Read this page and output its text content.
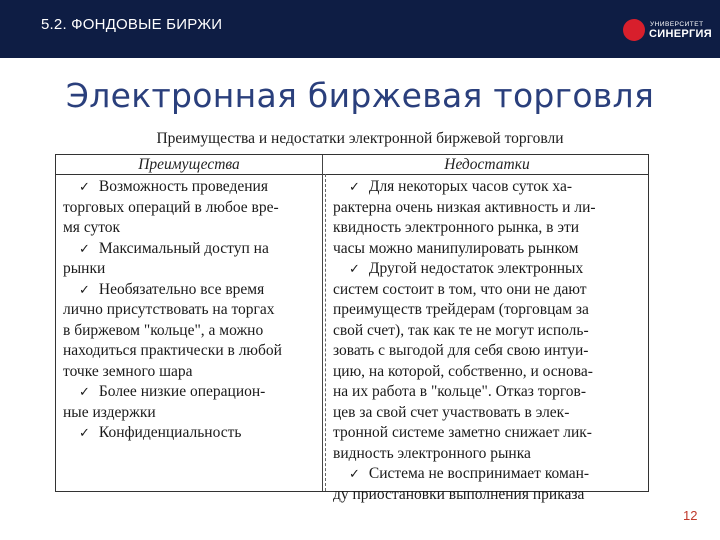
5.2. ФОНДОВЫЕ БИРЖИ	УНИВЕРСИТЕТ
СИНЕРГИЯ
Электронная биржевая торговля
Преимущества и недостатки электронной биржевой торговли
Преимущества	Недостатки
✓ Возможность проведения
торговых операций в любое вре-
мя суток
✓ Максимальный доступ на
рынки
✓ Необязательно все время
лично присутствовать на торгах
в биржевом "кольце", а можно
находиться практически в любой
точке земного шара
✓ Более низкие операцион-
ные издержки
✓ Конфиденциальность
✓ Для некоторых часов суток ха-
рактерна очень низкая активность и ли-
квидность электронного рынка, в эти
часы можно манипулировать рынком
✓ Другой недостаток электронных
систем состоит в том, что они не дают
преимуществ трейдерам (торговцам за
свой счет), так как те не могут исполь-
зовать с выгодой для себя свою интуи-
цию, на которой, собственно, и основа-
на их работа в "кольце". Отказ торгов-
цев за свой счет участвовать в элек-
тронной системе заметно снижает лик-
видность электронного рынка
✓ Система не воспринимает коман-
ду приостановки выполнения приказа
12
